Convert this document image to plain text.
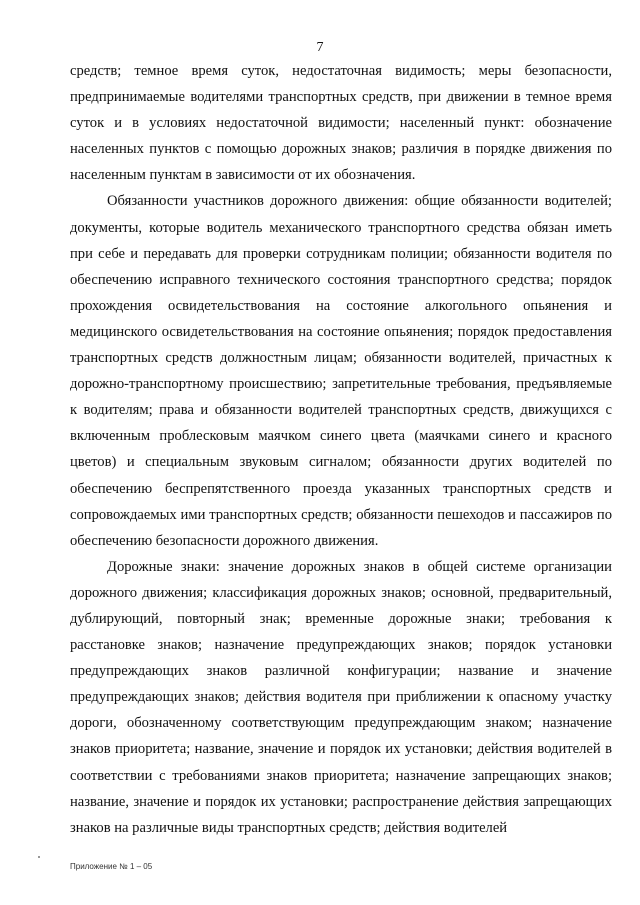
7

средств; темное время суток, недостаточная видимость; меры безопасности, предпринимаемые водителями транспортных средств, при движении в темное время суток и в условиях недостаточной видимости; населенный пункт: обозначение населенных пунктов с помощью дорожных знаков; различия в порядке движения по населенным пунктам в зависимости от их обозначения.

Обязанности участников дорожного движения: общие обязанности водителей; документы, которые водитель механического транспортного средства обязан иметь при себе и передавать для проверки сотрудникам полиции; обязанности водителя по обеспечению исправного технического состояния транспортного средства; порядок прохождения освидетельствования на состояние алкогольного опьянения и медицинского освидетельствования на состояние опьянения; порядок предоставления транспортных средств должностным лицам; обязанности водителей, причастных к дорожно-транспортному происшествию; запретительные требования, предъявляемые к водителям; права и обязанности водителей транспортных средств, движущихся с включенным проблесковым маячком синего цвета (маячками синего и красного цветов) и специальным звуковым сигналом; обязанности других водителей по обеспечению беспрепятственного проезда указанных транспортных средств и сопровождаемых ими транспортных средств; обязанности пешеходов и пассажиров по обеспечению безопасности дорожного движения.

Дорожные знаки: значение дорожных знаков в общей системе организации дорожного движения; классификация дорожных знаков; основной, предварительный, дублирующий, повторный знак; временные дорожные знаки; требования к расстановке знаков; назначение предупреждающих знаков; порядок установки предупреждающих знаков различной конфигурации; название и значение предупреждающих знаков; действия водителя при приближении к опасному участку дороги, обозначенному соответствующим предупреждающим знаком; назначение знаков приоритета; название, значение и порядок их установки; действия водителей в соответствии с требованиями знаков приоритета; назначение запрещающих знаков; название, значение и порядок их установки; распространение действия запрещающих знаков на различные виды транспортных средств; действия водителей

Приложение № 1 – 05
